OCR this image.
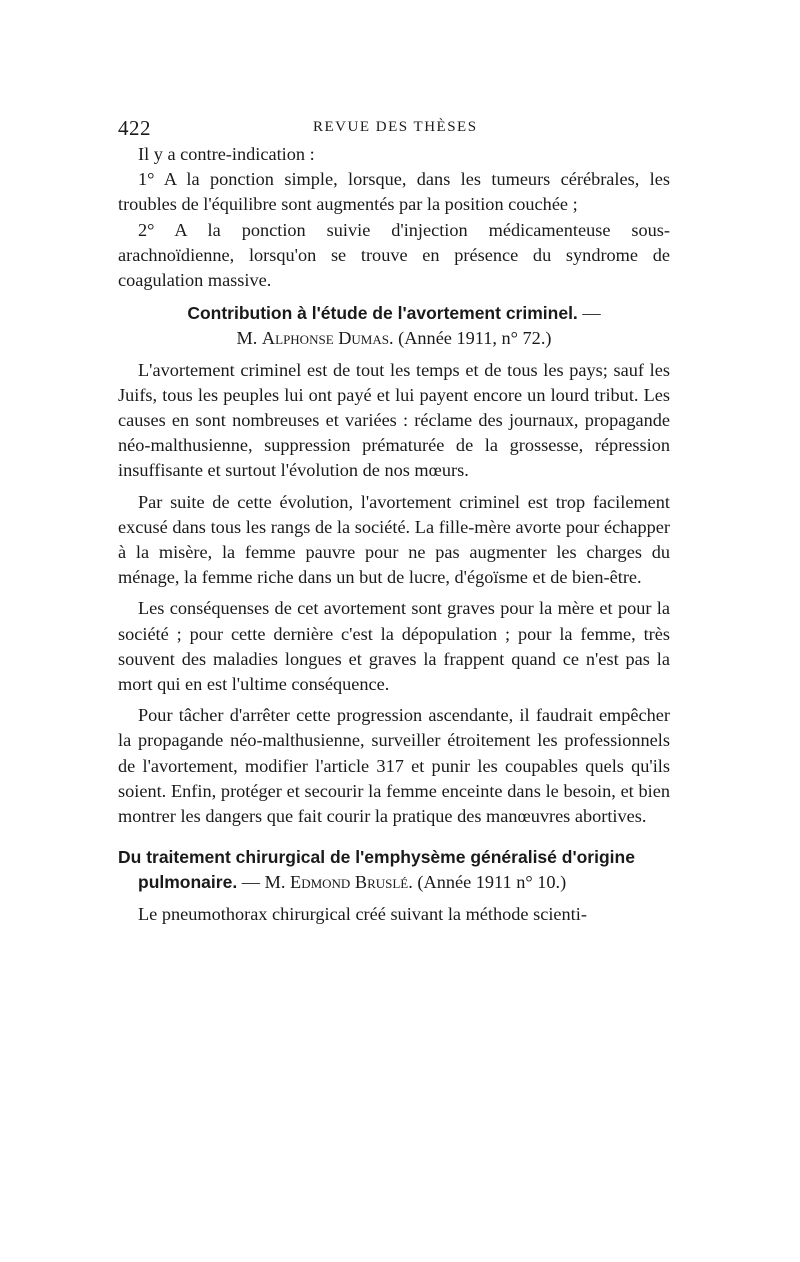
422	REVUE DES THÈSES

Il y a contre-indication :

1° A la ponction simple, lorsque, dans les tumeurs cérébrales, les troubles de l'équilibre sont augmentés par la position couchée ;

2° A la ponction suivie d'injection médicamenteuse sous-arachnoïdienne, lorsqu'on se trouve en présence du syndrome de coagulation massive.

Contribution à l'étude de l'avortement criminel. —
M. Alphonse Dumas. (Année 1911, n° 72.)

L'avortement criminel est de tout les temps et de tous les pays; sauf les Juifs, tous les peuples lui ont payé et lui payent encore un lourd tribut. Les causes en sont nombreuses et variées : réclame des journaux, propagande néo-malthusienne, suppression prématurée de la grossesse, répression insuffisante et surtout l'évolution de nos mœurs.

Par suite de cette évolution, l'avortement criminel est trop facilement excusé dans tous les rangs de la société. La fille-mère avorte pour échapper à la misère, la femme pauvre pour ne pas augmenter les charges du ménage, la femme riche dans un but de lucre, d'égoïsme et de bien-être.

Les conséquenses de cet avortement sont graves pour la mère et pour la société ; pour cette dernière c'est la dépopulation ; pour la femme, très souvent des maladies longues et graves la frappent quand ce n'est pas la mort qui en est l'ultime conséquence.

Pour tâcher d'arrêter cette progression ascendante, il faudrait empêcher la propagande néo-malthusienne, surveiller étroitement les professionnels de l'avortement, modifier l'article 317 et punir les coupables quels qu'ils soient. Enfin, protéger et secourir la femme enceinte dans le besoin, et bien montrer les dangers que fait courir la pratique des manœuvres abortives.

Du traitement chirurgical de l'emphysème généralisé d'origine
pulmonaire. — M. Edmond Bruslé. (Année 1911 n° 10.)

Le pneumothorax chirurgical créé suivant la méthode scienti-
